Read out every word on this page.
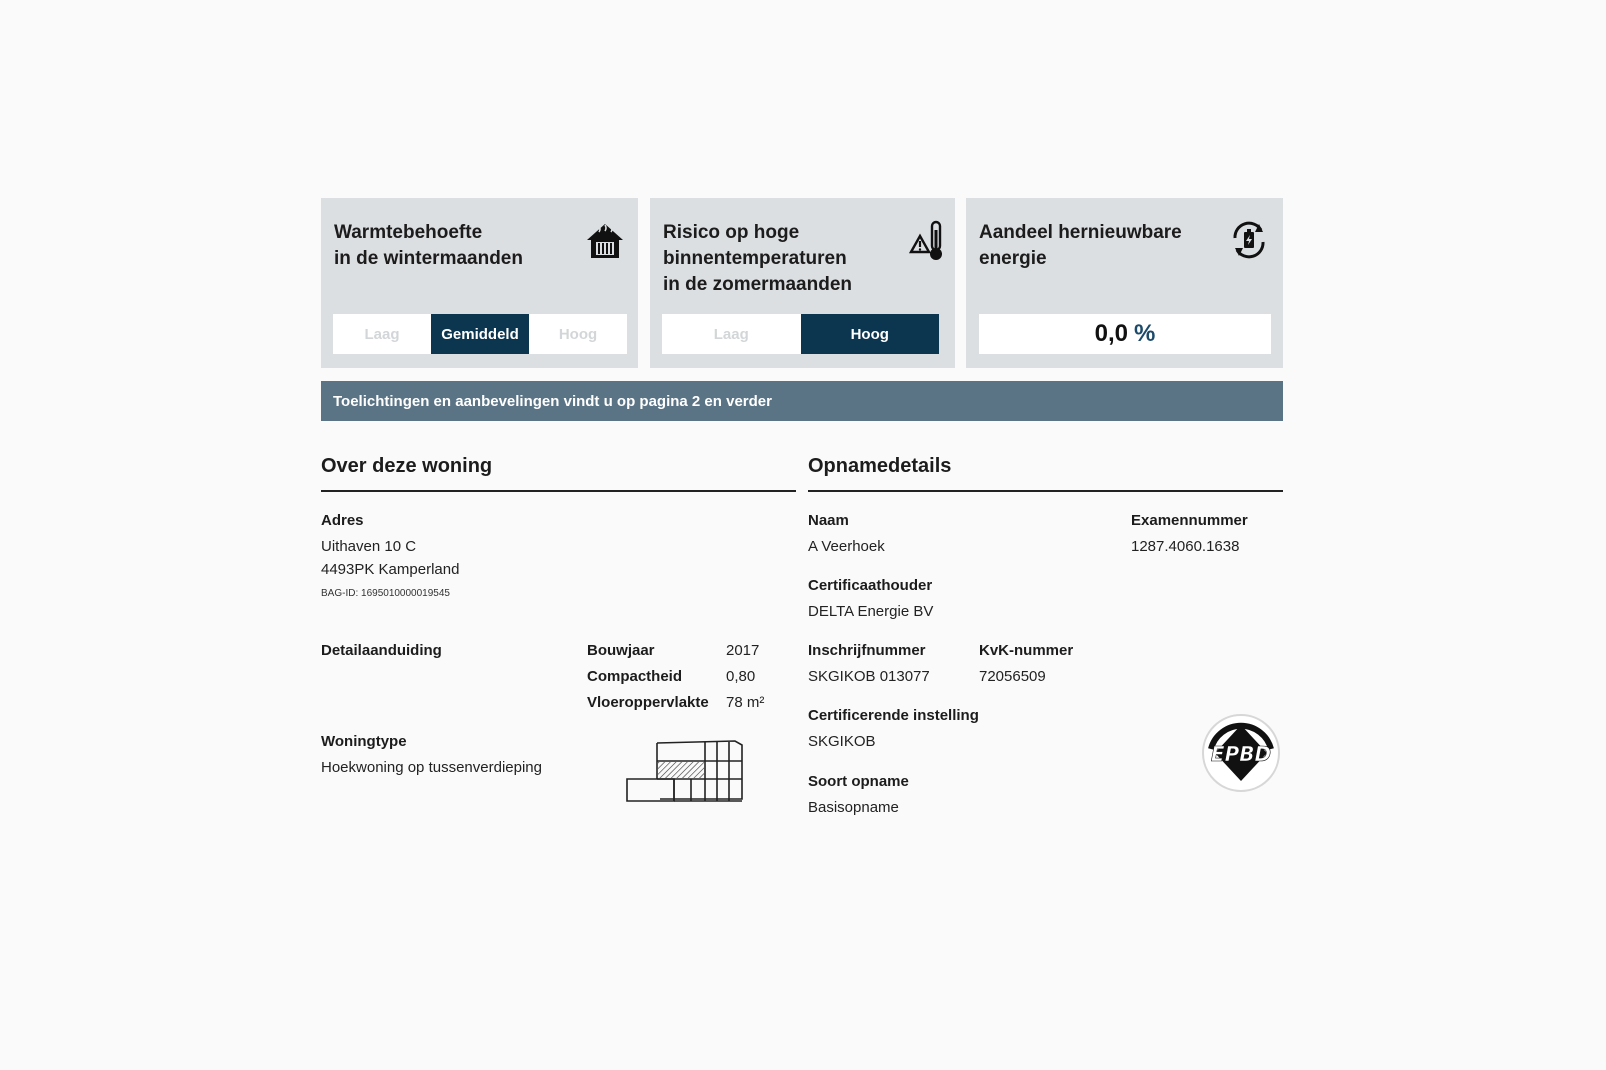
Warmtebehoefte
in de wintermaanden
Laag	Gemiddeld	Hoog
Risico op hoge
binnentemperaturen
in de zomermaanden
Laag	Hoog
Aandeel hernieuwbare
energie
0,0 %
Toelichtingen en aanbevelingen vindt u op pagina 2 en verder
Over deze woning
Adres
Uithaven 10 C
4493PK Kamperland
BAG-ID: 1695010000019545
Detailaanduiding	Bouwjaar	2017
Compactheid	0,80
Vloeroppervlakte 78 m²
Woningtype
Hoekwoning op tussenverdieping
Opnamedetails
Naam
A Veerhoek
Examennummer
1287.4060.1638
Certificaathouder
DELTA Energie BV
Inschrijfnummer
SKGIKOB 013077
KvK-nummer
72056509
Certificerende instelling
SKGIKOB
Soort opname
Basisopname
EPBD
